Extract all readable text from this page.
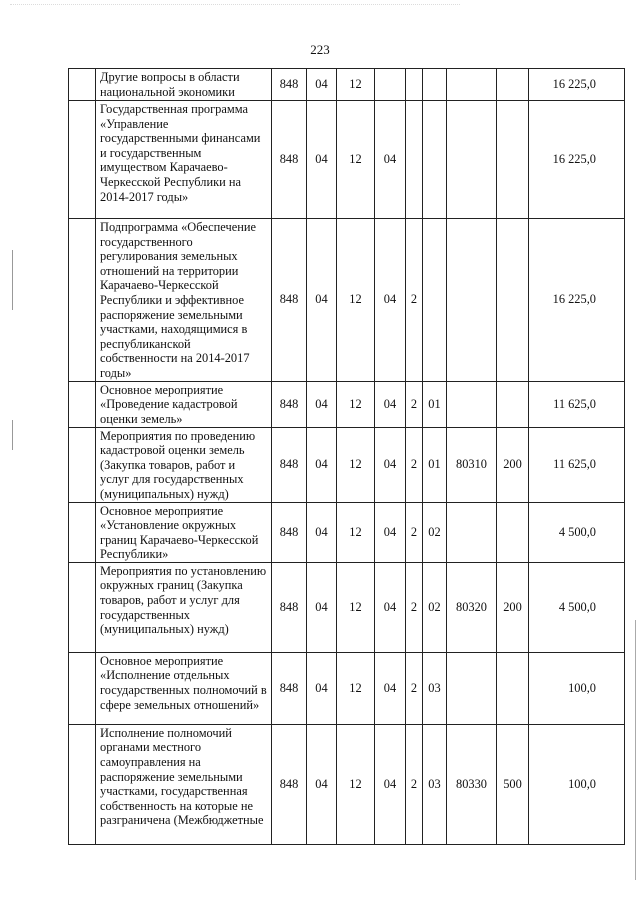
223
	Другие вопросы в области национальной экономики	848	04	12						16 225,0
	Государственная программа «Управление государственными финансами и государственным имуществом Карачаево-Черкесской Республики на 2014-2017 годы»	848	04	12	04					16 225,0
	Подпрограмма «Обеспечение государственного регулирования земельных отношений на территории Карачаево-Черкесской Республики и эффективное распоряжение земельными участками, находящимися в республиканской собственности на 2014-2017 годы»	848	04	12	04	2				16 225,0
	Основное мероприятие «Проведение кадастровой оценки земель»	848	04	12	04	2	01			11 625,0
	Мероприятия по проведению кадастровой оценки земель (Закупка товаров, работ и услуг для государственных (муниципальных) нужд)	848	04	12	04	2	01	80310	200	11 625,0
	Основное мероприятие «Установление окружных границ Карачаево-Черкесской Республики»	848	04	12	04	2	02			4 500,0
	Мероприятия по установлению окружных границ (Закупка товаров, работ и услуг для государственных (муниципальных) нужд)	848	04	12	04	2	02	80320	200	4 500,0
	Основное мероприятие «Исполнение отдельных государственных полномочий в сфере земельных отношений»	848	04	12	04	2	03			100,0
	Исполнение полномочий органами местного самоуправления на распоряжение земельными участками, государственная собственность на которые не разграничена (Межбюджетные	848	04	12	04	2	03	80330	500	100,0
